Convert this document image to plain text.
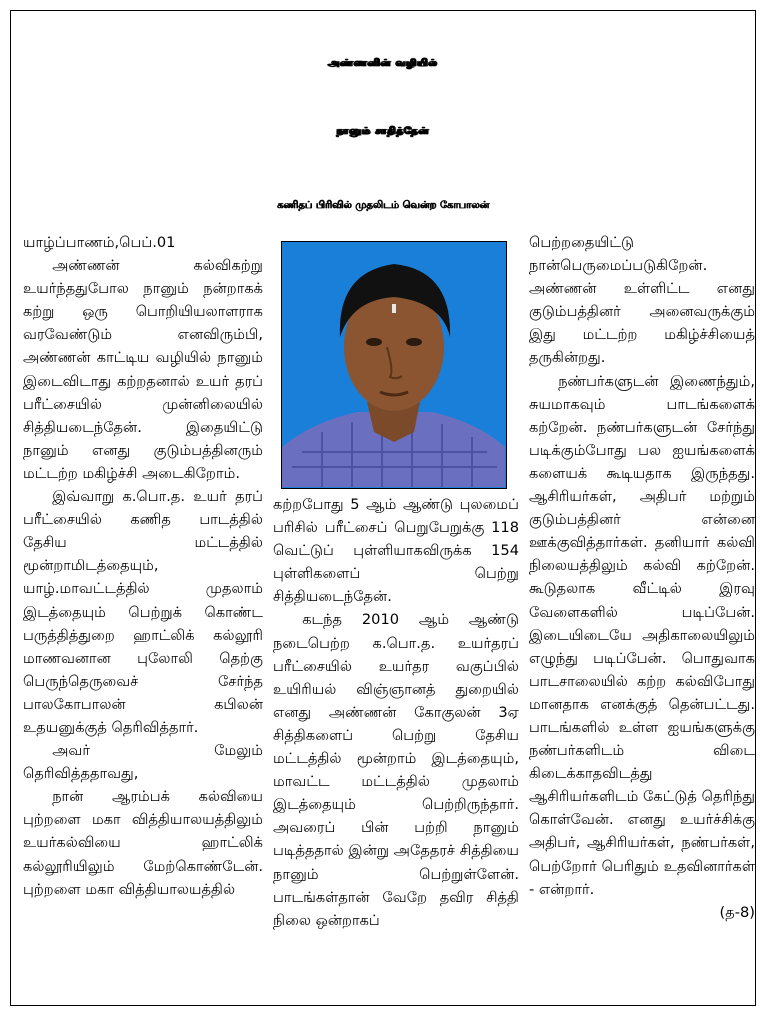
அண்ணனின் வழியில்
நானும் சாதித்தேன்
கணிதப் பிரிவில் முதலிடம் வென்ற கோபாலன்

யாழ்ப்பாணம்,பெப்.01

அண்ணன் கல்விகற்று உயர்ந்ததுபோல நானும் நன்றாகக் கற்று ஒரு பொறியியலாளராக வரவேண்டும் எனவிரும்பி, அண்ணன் காட்டிய வழியில் நானும் இடைவிடாது கற்றதனால் உயர் தரப் பரீட்சையில் முன்னிலையில் சித்தியடைந்தேன். இதையிட்டு நானும் எனது குடும்பத்தினரும் மட்டற்ற மகிழ்ச்சி அடைகிறோம்.

இவ்வாறு க.பொ.த. உயர் தரப் பரீட்சையில் கணித பாடத்தில் தேசிய மட்டத்தில் மூன்றாமிடத்தையும், யாழ்.மாவட்டத்தில் முதலாம் இடத்தையும் பெற்றுக் கொண்ட பருத்தித்துறை ஹாட்லிக் கல்லூரி மாணவனான புலோலி தெற்கு பெருந்தெருவைச் சேர்ந்த பாலகோபாலன் கபிலன் உதயனுக்குத் தெரிவித்தார்.

அவர் மேலும் தெரிவித்ததாவது,

நான் ஆரம்பக் கல்வியை புற்றளை மகா வித்தியாலயத்திலும் உயர்கல்வியை ஹாட்லிக் கல்லூரியிலும் மேற்கொண்டேன். புற்றளை மகா வித்தியாலயத்தில்

கற்றபோது 5 ஆம் ஆண்டு புலமைப் பரிசில் பரீட்சைப் பெறுபேறுக்கு 118 வெட்டுப் புள்ளியாகவிருக்க 154 புள்ளிகளைப் பெற்று சித்தியடைந்தேன்.

கடந்த 2010 ஆம் ஆண்டு நடைபெற்ற க.பொ.த. உயர்தரப் பரீட்சையில் உயர்தர வகுப்பில் உயிரியல் விஞ்ஞானத் துறையில் எனது அண்ணன் கோகுலன் 3ஏ சித்திகளைப் பெற்று தேசிய மட்டத்தில் மூன்றாம் இடத்தையும், மாவட்ட மட்டத்தில் முதலாம் இடத்தையும் பெற்றிருந்தார். அவரைப் பின் பற்றி நானும் படித்ததால் இன்று அதேதரச் சித்தியை நானும் பெற்றுள்ளேன். பாடங்கள்தான் வேறே தவிர சித்தி நிலை ஒன்றாகப்

பெற்றதையிட்டு நான்பெருமைப்படுகிறேன். அண்ணன் உள்ளிட்ட எனது குடும்பத்தினர் அனைவருக்கும் இது மட்டற்ற மகிழ்ச்சியைத் தருகின்றது.

நண்பர்களுடன் இணைந்தும், சுயமாகவும் பாடங்களைக் கற்றேன். நண்பர்களுடன் சேர்ந்து படிக்கும்போது பல ஐயங்களைக் களையக் கூடியதாக இருந்தது. ஆசிரியர்கள், அதிபர் மற்றும் குடும்பத்தினர் என்னை ஊக்குவித்தார்கள். தனியார் கல்வி நிலையத்திலும் கல்வி கற்றேன். கூடுதலாக வீட்டில் இரவு வேளைகளில் படிப்பேன். இடையிடையே அதிகாலையிலும் எழுந்து படிப்பேன். பொதுவாக பாடசாலையில் கற்ற கல்விபோது மானதாக எனக்குத் தென்பட்டது. பாடங்களில் உள்ள ஐயங்களுக்கு நண்பர்களிடம் விடை கிடைக்காதவிடத்து ஆசிரியர்களிடம் கேட்டுத் தெரிந்து கொள்வேன். எனது உயர்ச்சிக்கு அதிபர், ஆசிரியர்கள், நண்பர்கள், பெற்றோர் பெரிதும் உதவினார்கள் - என்றார்.

(த-8)
